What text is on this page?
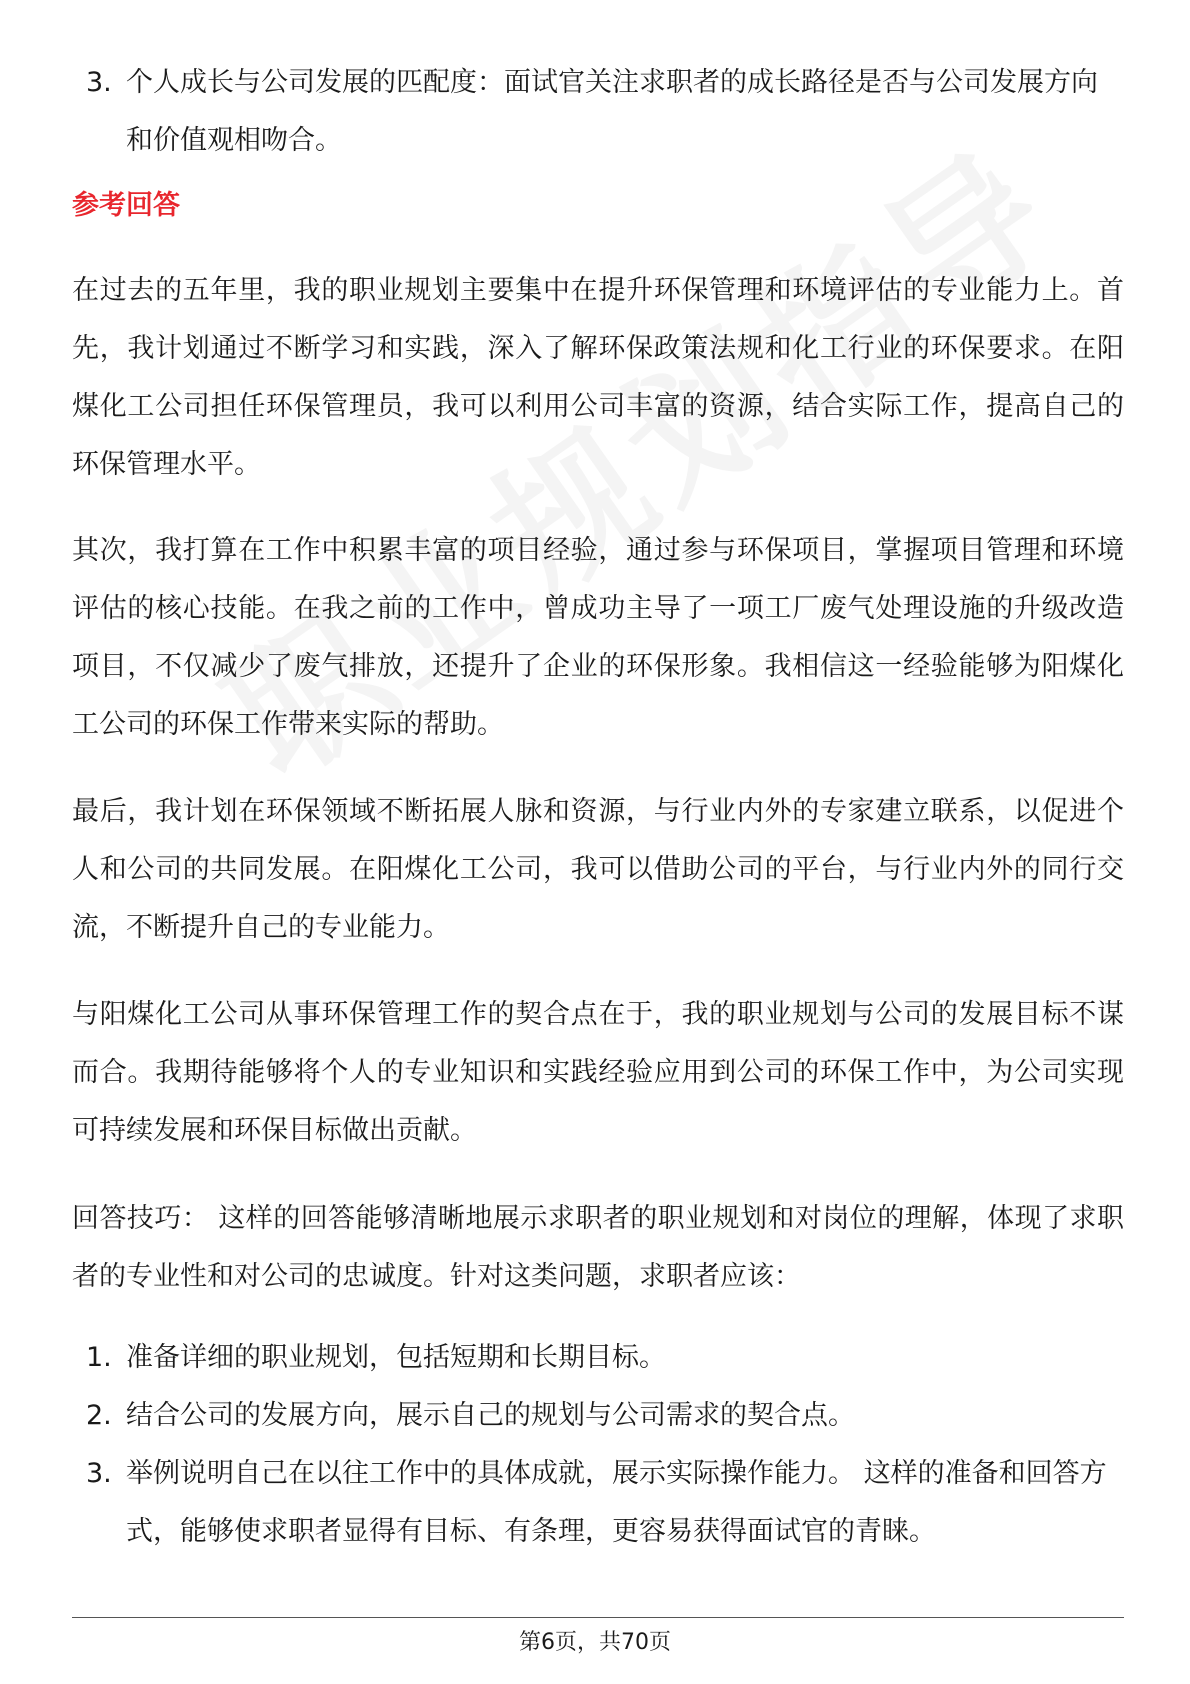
3. 个人成长与公司发展的匹配度：面试官关注求职者的成长路径是否与公司发展方向和价值观相吻合。
参考回答

在过去的五年里，我的职业规划主要集中在提升环保管理和环境评估的专业能力上。首先，我计划通过不断学习和实践，深入了解环保政策法规和化工行业的环保要求。在阳煤化工公司担任环保管理员，我可以利用公司丰富的资源，结合实际工作，提高自己的环保管理水平。

其次，我打算在工作中积累丰富的项目经验，通过参与环保项目，掌握项目管理和环境评估的核心技能。在我之前的工作中，曾成功主导了一项工厂废气处理设施的升级改造项目，不仅减少了废气排放，还提升了企业的环保形象。我相信这一经验能够为阳煤化工公司的环保工作带来实际的帮助。

最后，我计划在环保领域不断拓展人脉和资源，与行业内外的专家建立联系，以促进个人和公司的共同发展。在阳煤化工公司，我可以借助公司的平台，与行业内外的同行交流，不断提升自己的专业能力。

与阳煤化工公司从事环保管理工作的契合点在于，我的职业规划与公司的发展目标不谋而合。我期待能够将个人的专业知识和实践经验应用到公司的环保工作中，为公司实现可持续发展和环保目标做出贡献。

回答技巧： 这样的回答能够清晰地展示求职者的职业规划和对岗位的理解，体现了求职者的专业性和对公司的忠诚度。针对这类问题，求职者应该：

1. 准备详细的职业规划，包括短期和长期目标。
2. 结合公司的发展方向，展示自己的规划与公司需求的契合点。
3. 举例说明自己在以往工作中的具体成就，展示实际操作能力。 这样的准备和回答方式，能够使求职者显得有目标、有条理，更容易获得面试官的青睐。
第6页，共70页
